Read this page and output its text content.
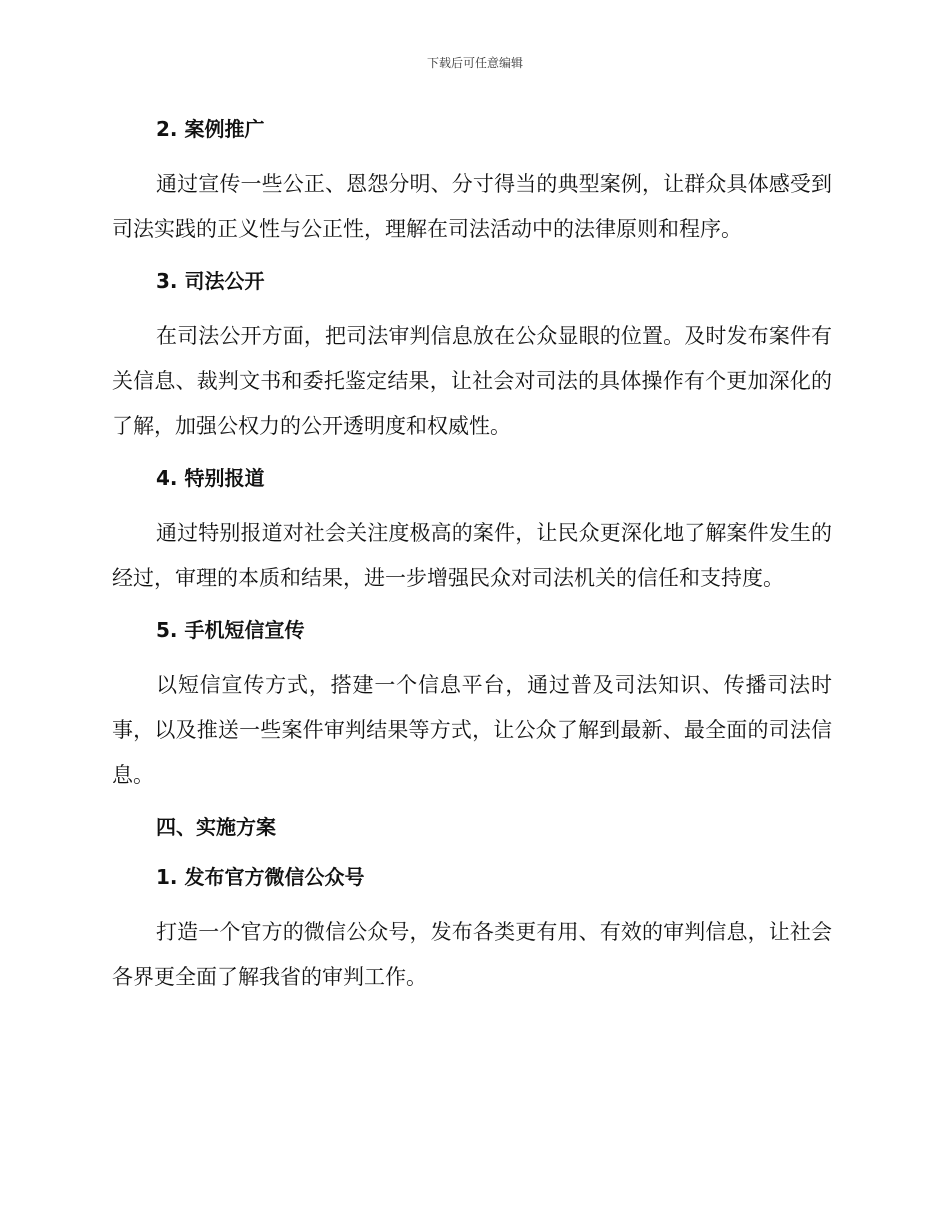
下载后可任意编辑
2. 案例推广

通过宣传一些公正、恩怨分明、分寸得当的典型案例，让群众具体感受到司法实践的正义性与公正性，理解在司法活动中的法律原则和程序。

3. 司法公开

在司法公开方面，把司法审判信息放在公众显眼的位置。及时发布案件有关信息、裁判文书和委托鉴定结果，让社会对司法的具体操作有个更加深化的了解，加强公权力的公开透明度和权威性。

4. 特别报道

通过特别报道对社会关注度极高的案件，让民众更深化地了解案件发生的经过，审理的本质和结果，进一步增强民众对司法机关的信任和支持度。

5. 手机短信宣传

以短信宣传方式，搭建一个信息平台，通过普及司法知识、传播司法时事，以及推送一些案件审判结果等方式，让公众了解到最新、最全面的司法信息。

四、实施方案
1. 发布官方微信公众号

打造一个官方的微信公众号，发布各类更有用、有效的审判信息，让社会各界更全面了解我省的审判工作。
